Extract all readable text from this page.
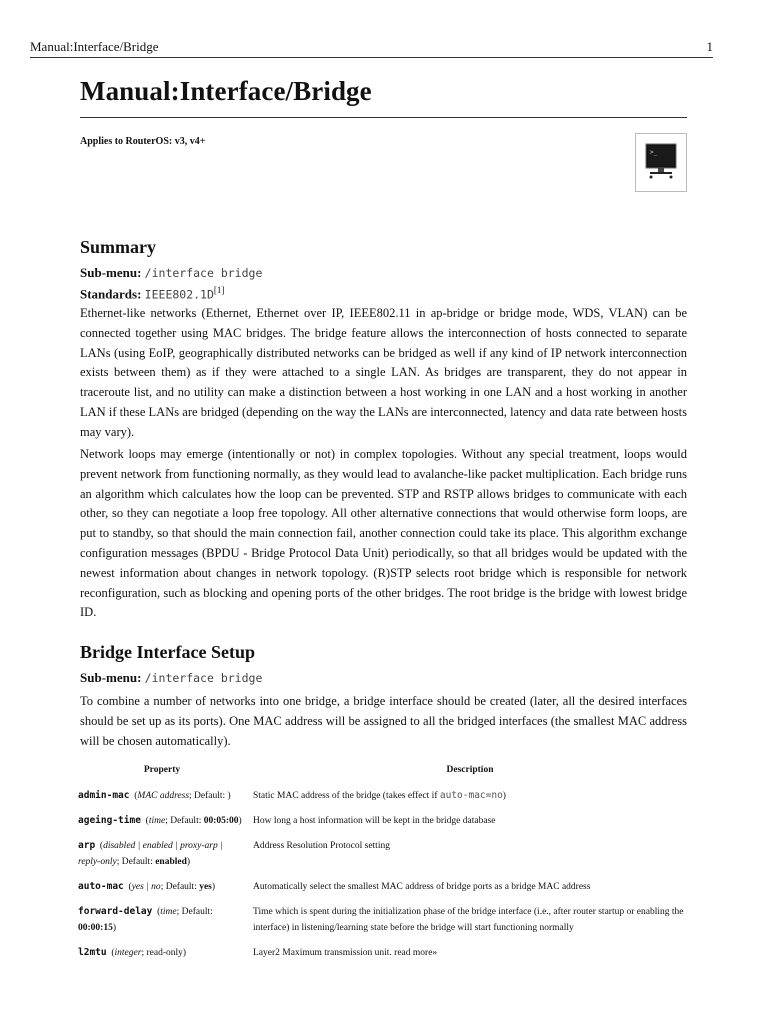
Manual:Interface/Bridge	1
Manual:Interface/Bridge
Applies to RouterOS: v3, v4+
>_
Summary
Sub-menu: /interface bridge
Standards: IEEE802.1D[1]

Ethernet-like networks (Ethernet, Ethernet over IP, IEEE802.11 in ap-bridge or bridge mode, WDS, VLAN) can be connected together using MAC bridges. The bridge feature allows the interconnection of hosts connected to separate LANs (using EoIP, geographically distributed networks can be bridged as well if any kind of IP network interconnection exists between them) as if they were attached to a single LAN. As bridges are transparent, they do not appear in traceroute list, and no utility can make a distinction between a host working in one LAN and a host working in another LAN if these LANs are bridged (depending on the way the LANs are interconnected, latency and data rate between hosts may vary).

Network loops may emerge (intentionally or not) in complex topologies. Without any special treatment, loops would prevent network from functioning normally, as they would lead to avalanche-like packet multiplication. Each bridge runs an algorithm which calculates how the loop can be prevented. STP and RSTP allows bridges to communicate with each other, so they can negotiate a loop free topology. All other alternative connections that would otherwise form loops, are put to standby, so that should the main connection fail, another connection could take its place. This algorithm exchange configuration messages (BPDU - Bridge Protocol Data Unit) periodically, so that all bridges would be updated with the newest information about changes in network topology. (R)STP selects root bridge which is responsible for network reconfiguration, such as blocking and opening ports of the other bridges. The root bridge is the bridge with lowest bridge ID.

Bridge Interface Setup
Sub-menu: /interface bridge

To combine a number of networks into one bridge, a bridge interface should be created (later, all the desired interfaces should be set up as its ports). One MAC address will be assigned to all the bridged interfaces (the smallest MAC address will be chosen automatically).

Property	Description
admin-mac (MAC address; Default: )	Static MAC address of the bridge (takes effect if auto-mac=no)
ageing-time (time; Default: 00:05:00)	How long a host information will be kept in the bridge database
arp (disabled | enabled | proxy-arp | reply-only; Default: enabled)	Address Resolution Protocol setting
auto-mac (yes | no; Default: yes)	Automatically select the smallest MAC address of bridge ports as a bridge MAC address
forward-delay (time; Default: 00:00:15)	Time which is spent during the initialization phase of the bridge interface (i.e., after router startup or enabling the interface) in listening/learning state before the bridge will start functioning normally
l2mtu (integer; read-only)	Layer2 Maximum transmission unit. read more»
